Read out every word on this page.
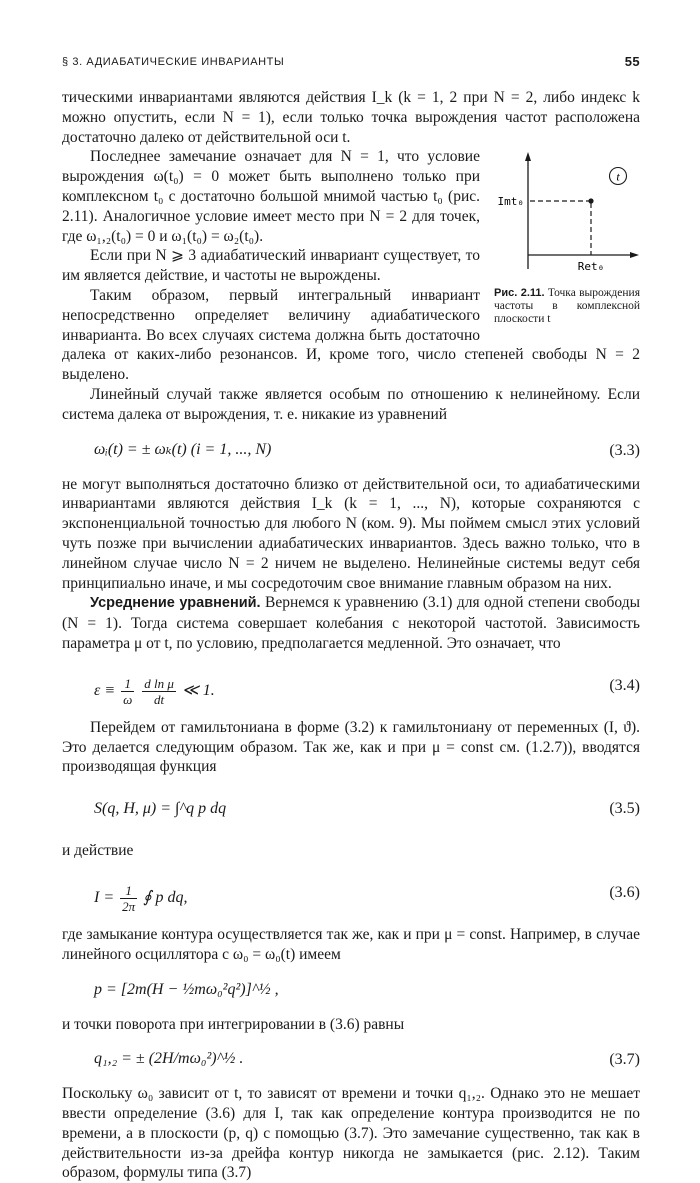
§ 3. АДИАБАТИЧЕСКИЕ ИНВАРИАНТЫ	55

тическими инвариантами являются действия I_k (k = 1, 2 при N = 2, либо индекс k можно опустить, если N = 1), если только точка вырождения частот расположена достаточно далеко от действительной оси t.

t
Imt₀
Ret₀
Рис. 2.11. Точка вырождения частоты в комплексной плоскости t

Последнее замечание означает для N = 1, что условие вырождения ω(t₀) = 0 может быть выполнено только при комплексном t₀ с достаточно большой мнимой частью t₀ (рис. 2.11). Аналогичное условие имеет место при N = 2 для точек, где ω₁,₂(t₀) = 0 и ω₁(t₀) = ω₂(t₀).

Если при N ⩾ 3 адиабатический инвариант существует, то им является действие, и частоты не вырождены.

Таким образом, первый интегральный инвариант непосредственно определяет величину адиабатического инварианта. Во всех случаях система должна быть достаточно далека от каких-либо резонансов. И, кроме того, число степеней свободы N = 2 выделено.

Линейный случай также является особым по отношению к нелинейному. Если система далека от вырождения, т. е. никакие из уравнений

ωᵢ(t) = ± ωₖ(t) (i = 1, ..., N)	(3.3)

не могут выполняться достаточно близко от действительной оси, то адиабатическими инвариантами являются действия I_k (k = 1, ..., N), которые сохраняются с экспоненциальной точностью для любого N (ком. 9). Мы поймем смысл этих условий чуть позже при вычислении адиабатических инвариантов. Здесь важно только, что в линейном случае число N = 2 ничем не выделено. Нелинейные системы ведут себя принципиально иначе, и мы сосредоточим свое внимание главным образом на них.

Усреднение уравнений. Вернемся к уравнению (3.1) для одной степени свободы (N = 1). Тогда система совершает колебания с некоторой частотой. Зависимость параметра μ от t, по условию, предполагается медленной. Это означает, что

$\varepsilon \equiv \frac{1}{\omega}$
$\frac{\text{d ln μ}}{dt}$ ≪ 1.	(3.4)

Перейдем от гамильтониана в форме (3.2) к гамильтониану от переменных (I, ϑ). Это делается следующим образом. Так же, как и при μ = const см. (1.2.7)), вводятся производящая функция

S(q, H, μ) = ∫^q p dq	(3.5)

и действие

$I = \frac{1}{2\pi}$ ∮ p dq,	(3.6)

где замыкание контура осуществляется так же, как и при μ = const. Например, в случае линейного осциллятора с ω₀ = ω₀(t) имеем

p = [2m(H − ½mω₀²q²)]^½ ,

и точки поворота при интегрировании в (3.6) равны

q₁,₂ = ± (2H/mω₀²)^½ .	(3.7)

Поскольку ω₀ зависит от t, то зависят от времени и точки q₁,₂. Однако это не мешает ввести определение (3.6) для I, так как определение контура производится не по времени, а в плоскости (p, q) с помощью (3.7). Это замечание существенно, так как в действительности из-за дрейфа контур никогда не замыкается (рис. 2.12). Таким образом, формулы типа (3.7)
